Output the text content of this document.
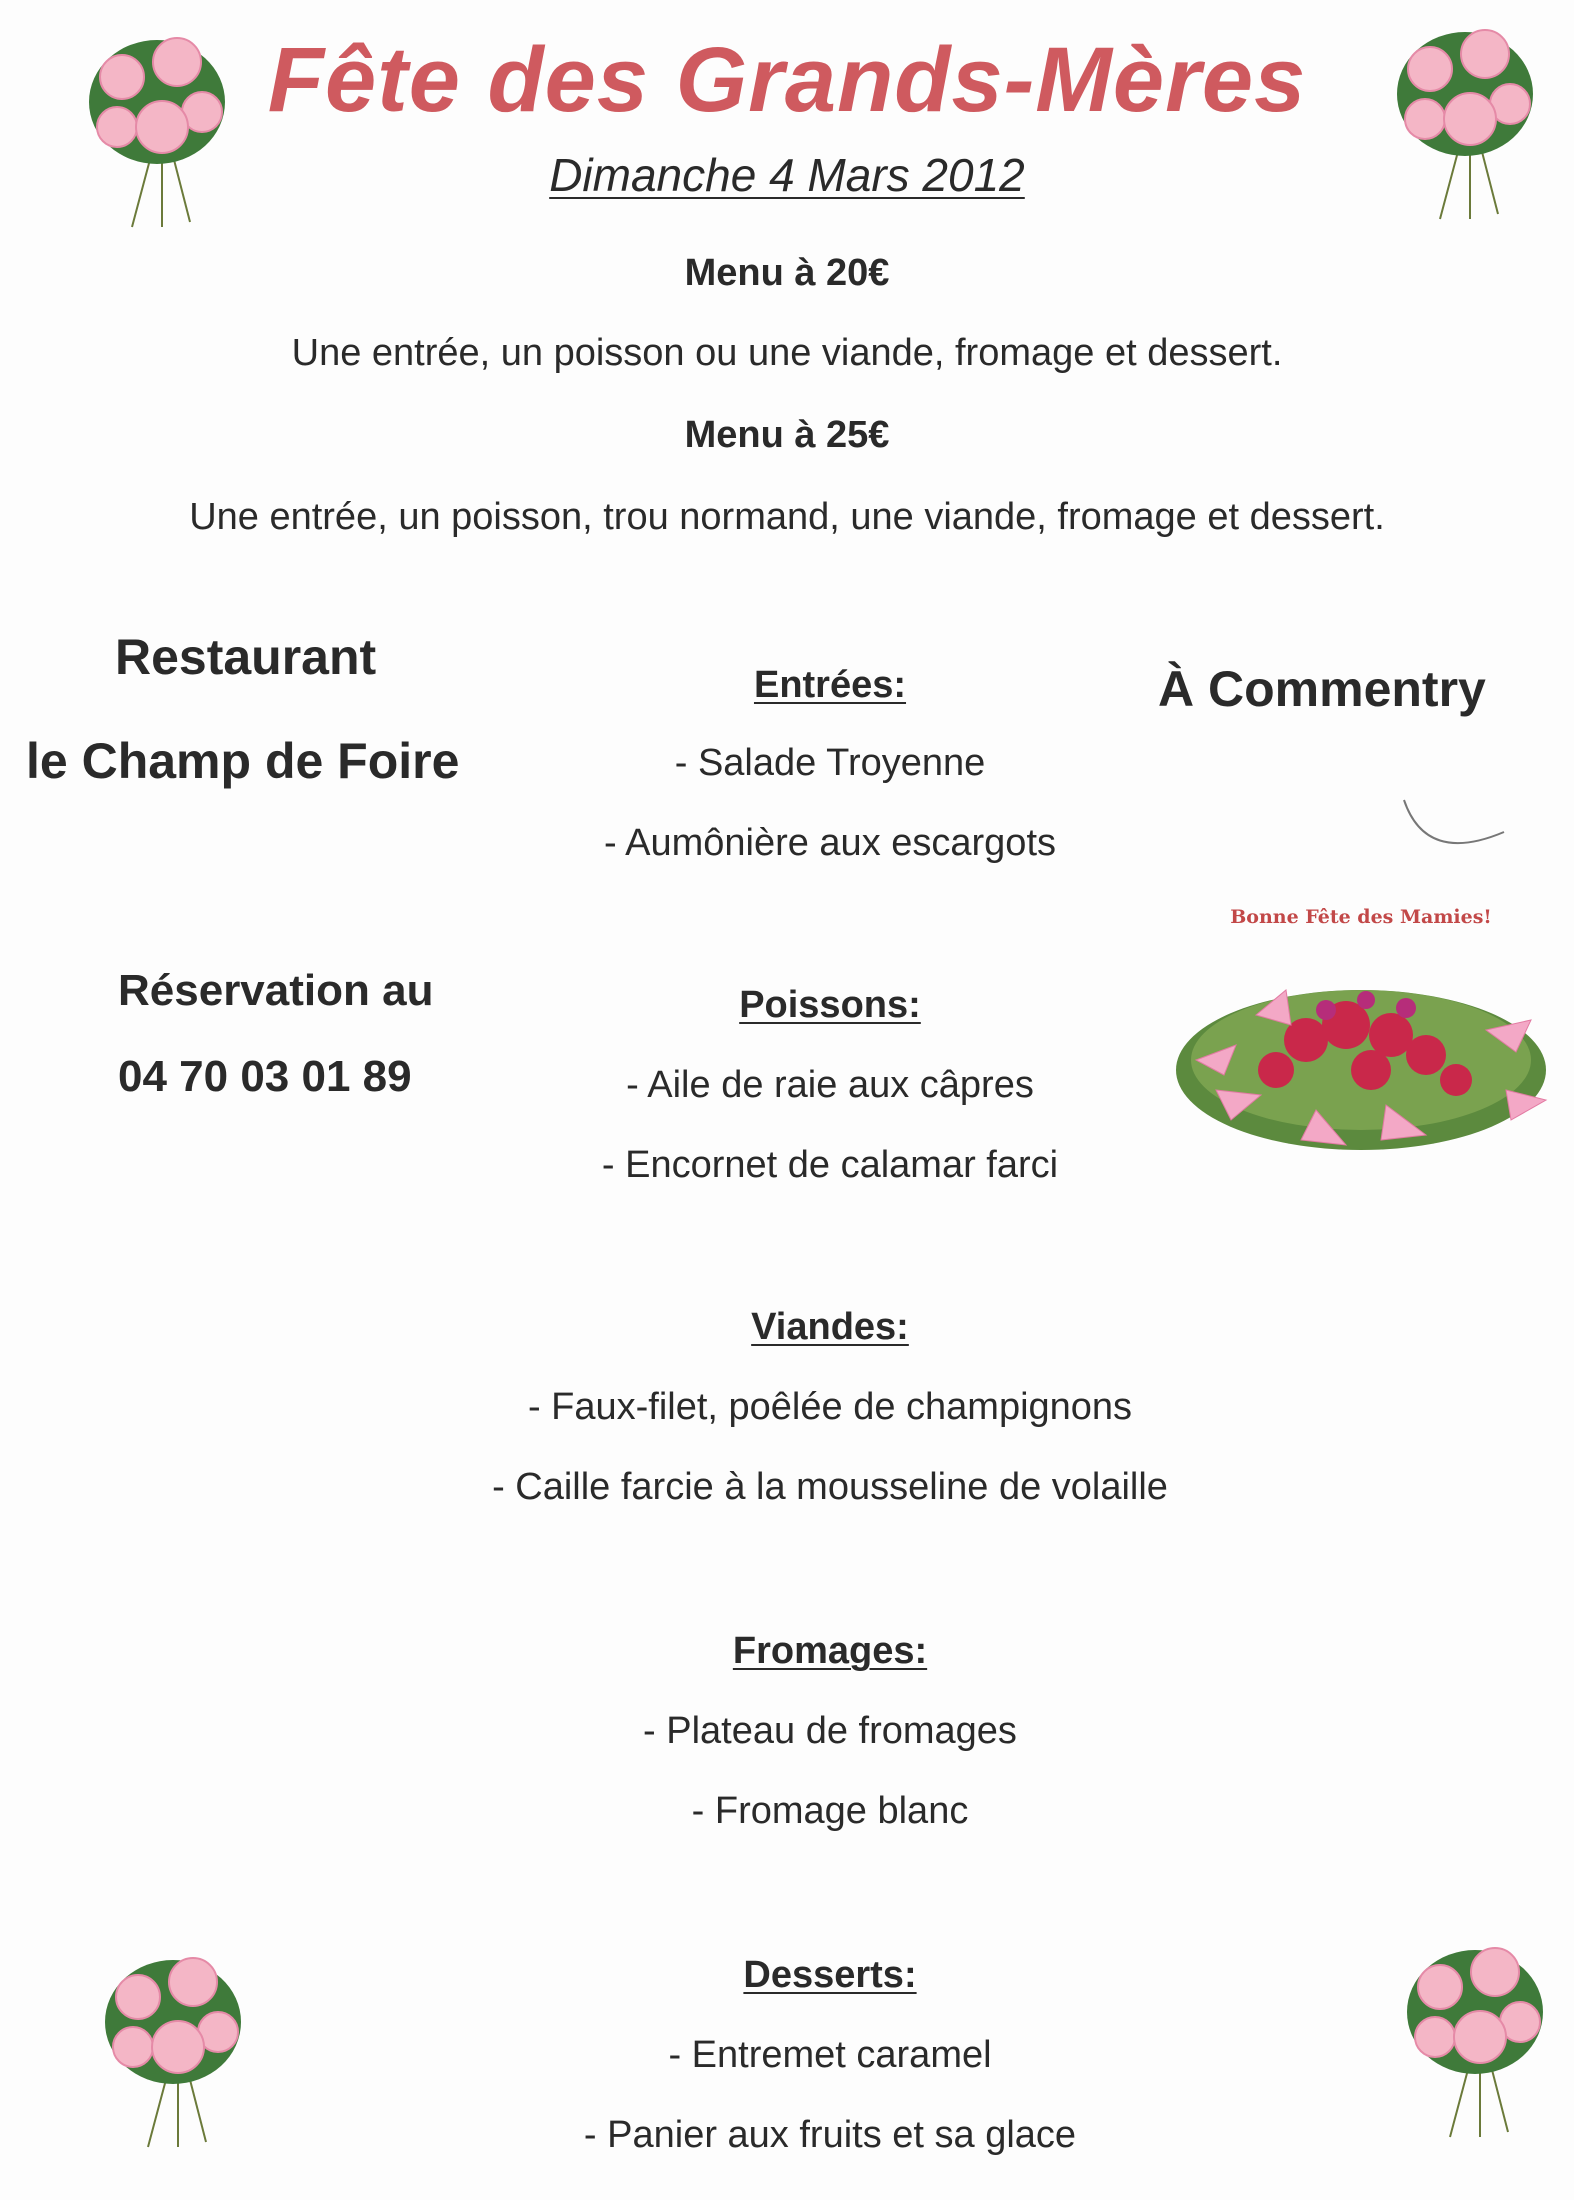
Fête des Grands-Mères
Dimanche 4 Mars 2012
Menu à 20€
Une entrée, un poisson ou une viande, fromage et dessert.
Menu à 25€
Une entrée, un poisson, trou normand, une viande, fromage et dessert.
Restaurant
le Champ de Foire
Réservation au
04 70 03 01 89
À Commentry
Bonne Fête des Mamies!
Entrées:
- Salade Troyenne
- Aumônière aux escargots
Poissons:
- Aile de raie aux câpres
- Encornet de calamar farci
Viandes:
- Faux-filet, poêlée de champignons
- Caille farcie à la mousseline de volaille
Fromages:
- Plateau de fromages
- Fromage blanc
Desserts:
- Entremet caramel
- Panier aux fruits et sa glace
